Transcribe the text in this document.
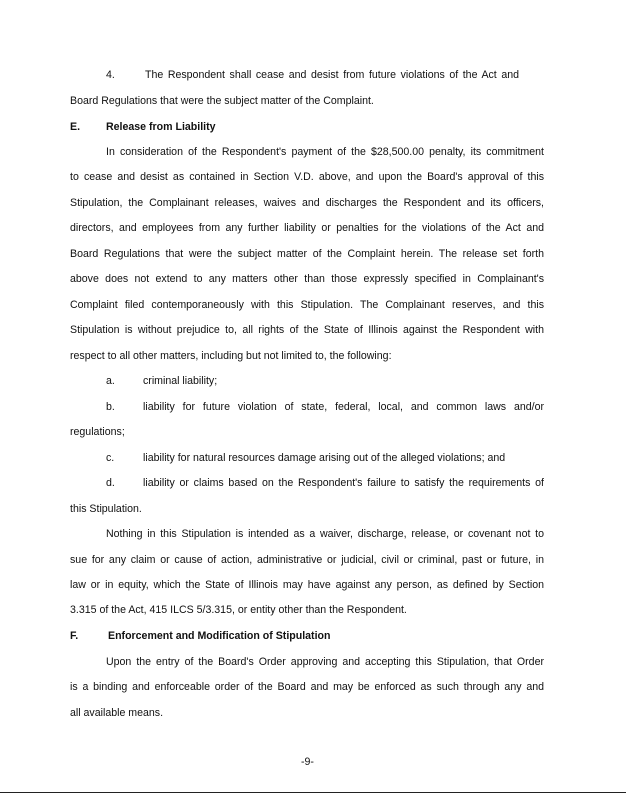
4.	The Respondent shall cease and desist from future violations of the Act and
Board Regulations that were the subject matter of the Complaint.
E. Release from Liability
In consideration of the Respondent's payment of the $28,500.00 penalty, its commitment
to cease and desist as contained in Section V.D. above, and upon the Board's approval of this
Stipulation, the Complainant releases, waives and discharges the Respondent and its officers,
directors, and employees from any further liability or penalties for the violations of the Act and
Board Regulations that were the subject matter of the Complaint herein. The release set forth
above does not extend to any matters other than those expressly specified in Complainant's
Complaint filed contemporaneously with this Stipulation. The Complainant reserves, and this
Stipulation is without prejudice to, all rights of the State of Illinois against the Respondent with
respect to all other matters, including but not limited to, the following:
a.	criminal liability;
b.	liability for future violation of state, federal, local, and common laws and/or
regulations;
c.	liability for natural resources damage arising out of the alleged violations; and
d.	liability or claims based on the Respondent's failure to satisfy the requirements of
this Stipulation.
Nothing in this Stipulation is intended as a waiver, discharge, release, or covenant not to
sue for any claim or cause of action, administrative or judicial, civil or criminal, past or future, in
law or in equity, which the State of Illinois may have against any person, as defined by Section
3.315 of the Act, 415 ILCS 5/3.315, or entity other than the Respondent.
F.	Enforcement and Modification of Stipulation
Upon the entry of the Board's Order approving and accepting this Stipulation, that Order
is a binding and enforceable order of the Board and may be enforced as such through any and
all available means.
-9-
